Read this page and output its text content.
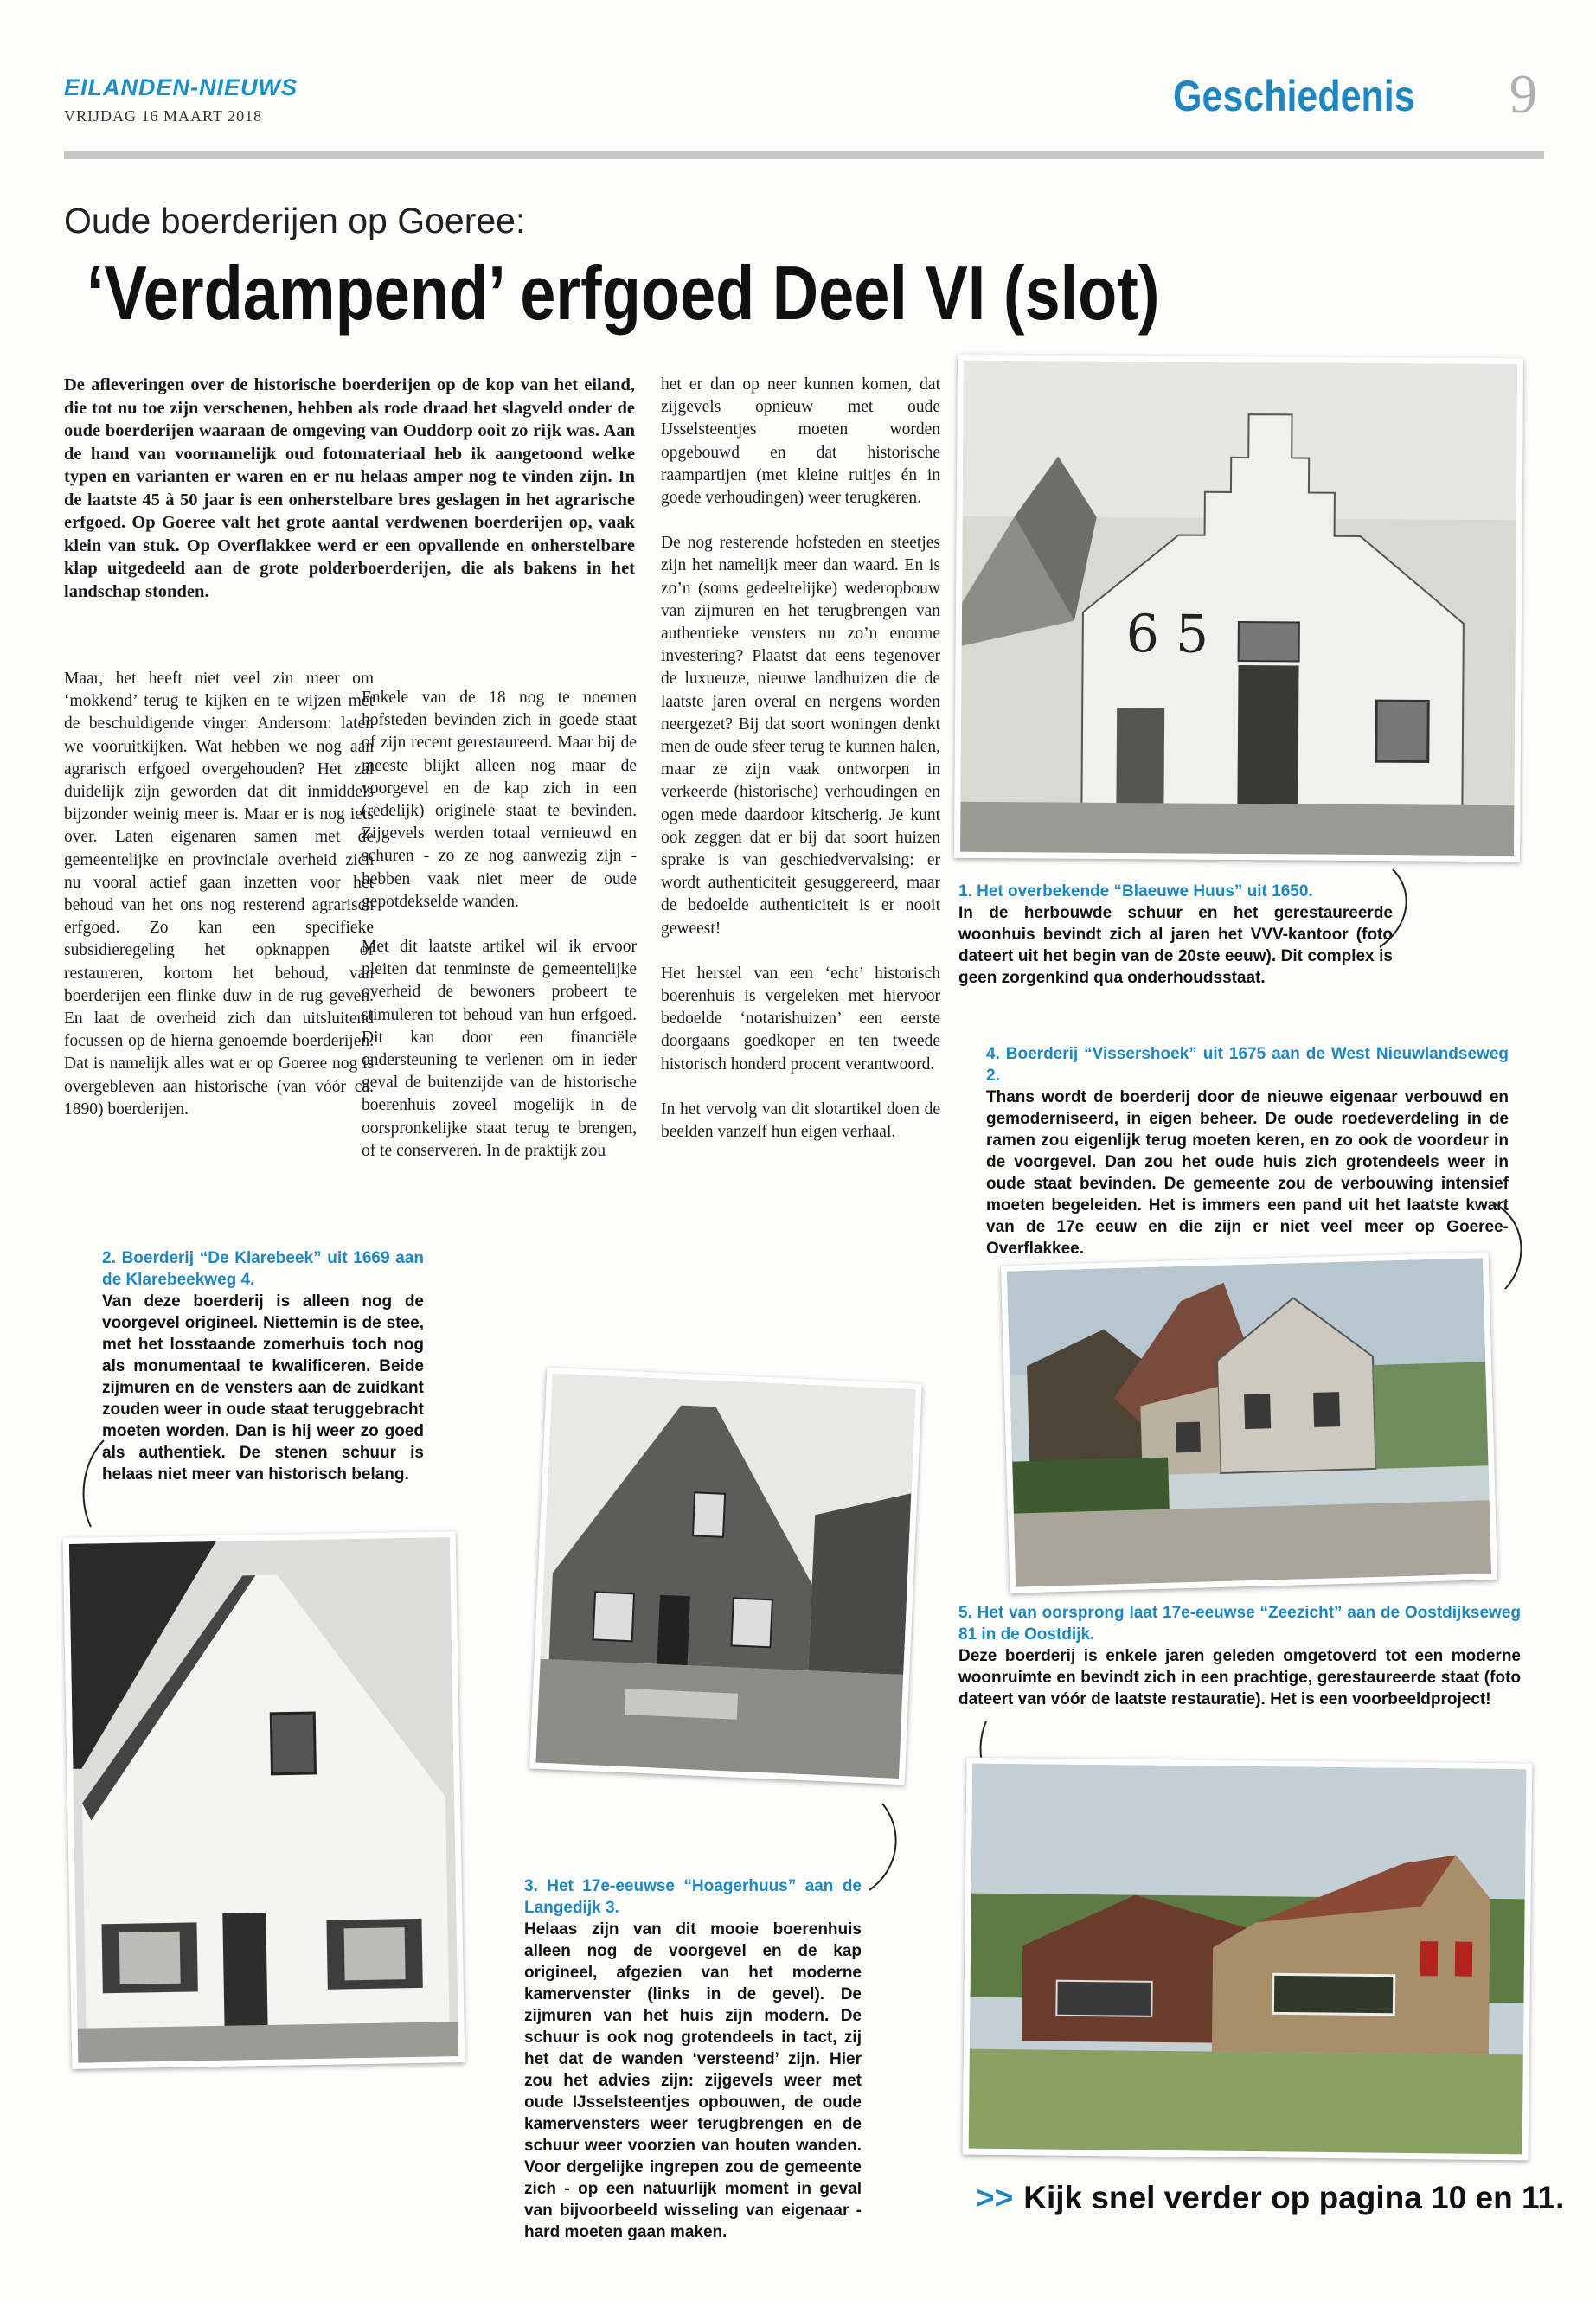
EILANDEN-NIEUWS
VRIJDAG 16 MAART 2018	Geschiedenis 9
Oude boerderijen op Goeree:
‘Verdampend’ erfgoed Deel VI (slot)
De afleveringen over de historische boerderijen op de kop van het eiland, die tot nu toe zijn verschenen, hebben als rode draad het slagveld onder de oude boerderijen waaraan de omgeving van Ouddorp ooit zo rijk was. Aan de hand van voornamelijk oud fotomateriaal heb ik aangetoond welke typen en varianten er waren en er nu helaas amper nog te vinden zijn. In de laatste 45 à 50 jaar is een onherstelbare bres geslagen in het agrarische erfgoed. Op Goeree valt het grote aantal verdwenen boerderijen op, vaak klein van stuk. Op Overflakkee werd er een opvallende en onherstelbare klap uitgedeeld aan de grote polderboerderijen, die als bakens in het landschap stonden.

Maar, het heeft niet veel zin meer om ‘mokkend’ terug te kijken en te wijzen met de beschuldigende vinger. Andersom: laten we vooruitkijken. Wat hebben we nog aan agrarisch erfgoed overgehouden? Het zal duidelijk zijn geworden dat dit inmiddels bijzonder weinig meer is. Maar er is nog iets over. Laten eigenaren samen met de gemeentelijke en provinciale overheid zich nu vooral actief gaan inzetten voor het behoud van het ons nog resterend agrarisch erfgoed. Zo kan een specifieke subsidieregeling het opknappen of restaureren, kortom het behoud, van boerderijen een flinke duw in de rug geven. En laat de overheid zich dan uitsluitend focussen op de hierna genoemde boerderijen. Dat is namelijk alles wat er op Goeree nog is overgebleven aan historische (van vóór ca. 1890) boerderijen.

Enkele van de 18 nog te noemen hofsteden bevinden zich in goede staat of zijn recent gerestaureerd. Maar bij de meeste blijkt alleen nog maar de voorgevel en de kap zich in een (redelijk) originele staat te bevinden. Zijgevels werden totaal vernieuwd en schuren - zo ze nog aanwezig zijn - hebben vaak niet meer de oude gepotdekselde wanden.

Met dit laatste artikel wil ik ervoor pleiten dat tenminste de gemeentelijke overheid de bewoners probeert te stimuleren tot behoud van hun erfgoed. Dit kan door een financiële ondersteuning te verlenen om in ieder geval de buitenzijde van de historische boerenhuis zoveel mogelijk in de oorspronkelijke staat terug te brengen, of te conserveren. In de praktijk zou

het er dan op neer kunnen komen, dat zijgevels opnieuw met oude IJsselsteentjes moeten worden opgebouwd en dat historische raampartijen (met kleine ruitjes én in goede verhoudingen) weer terugkeren.

De nog resterende hofsteden en steetjes zijn het namelijk meer dan waard. En is zo’n (soms gedeeltelijke) wederopbouw van zijmuren en het terugbrengen van authentieke vensters nu zo’n enorme investering? Plaatst dat eens tegenover de luxueuze, nieuwe landhuizen die de laatste jaren overal en nergens worden neergezet? Bij dat soort woningen denkt men de oude sfeer terug te kunnen halen, maar ze zijn vaak ontworpen in verkeerde (historische) verhoudingen en ogen mede daardoor kitscherig. Je kunt ook zeggen dat er bij dat soort huizen sprake is van geschiedvervalsing: er wordt authenticiteit gesuggereerd, maar de bedoelde authenticiteit is er nooit geweest!

Het herstel van een ‘echt’ historisch boerenhuis is vergeleken met hiervoor bedoelde ‘notarishuizen’ een eerste doorgaans goedkoper en ten tweede historisch honderd procent verantwoord.

In het vervolg van dit slotartikel doen de beelden vanzelf hun eigen verhaal.

6 5
1. Het overbekende “Blaeuwe Huus” uit 1650.
In de herbouwde schuur en het gerestaureerde woonhuis bevindt zich al jaren het VVV-kantoor (foto dateert uit het begin van de 20ste eeuw). Dit complex is geen zorgenkind qua onderhoudsstaat.
4. Boerderij “Vissershoek” uit 1675 aan de West Nieuwlandseweg 2.
Thans wordt de boerderij door de nieuwe eigenaar verbouwd en gemoderniseerd, in eigen beheer. De oude roedeverdeling in de ramen zou eigenlijk terug moeten keren, en zo ook de voordeur in de voorgevel. Dan zou het oude huis zich grotendeels weer in oude staat bevinden. De gemeente zou de verbouwing intensief moeten begeleiden. Het is immers een pand uit het laatste kwart van de 17e eeuw en die zijn er niet veel meer op Goeree-Overflakkee.
2. Boerderij “De Klarebeek” uit 1669 aan de Klarebeekweg 4.
Van deze boerderij is alleen nog de voorgevel origineel. Niettemin is de stee, met het losstaande zomerhuis toch nog als monumentaal te kwalificeren. Beide zijmuren en de vensters aan de zuidkant zouden weer in oude staat teruggebracht moeten worden. Dan is hij weer zo goed als authentiek. De stenen schuur is helaas niet meer van historisch belang.
3. Het 17e-eeuwse “Hoagerhuus” aan de Langedijk 3.
Helaas zijn van dit mooie boerenhuis alleen nog de voorgevel en de kap origineel, afgezien van het moderne kamervenster (links in de gevel). De zijmuren van het huis zijn modern. De schuur is ook nog grotendeels in tact, zij het dat de wanden ‘versteend’ zijn. Hier zou het advies zijn: zijgevels weer met oude IJsselsteentjes opbouwen, de oude kamervensters weer terugbrengen en de schuur weer voorzien van houten wanden. Voor dergelijke ingrepen zou de gemeente zich - op een natuurlijk moment in geval van bijvoorbeeld wisseling van eigenaar - hard moeten gaan maken.
5. Het van oorsprong laat 17e-eeuwse “Zeezicht” aan de Oostdijkseweg 81 in de Oostdijk.
Deze boerderij is enkele jaren geleden omgetoverd tot een moderne woonruimte en bevindt zich in een prachtige, gerestaureerde staat (foto dateert van vóór de laatste restauratie). Het is een voorbeeldproject!
>> Kijk snel verder op pagina 10 en 11.
